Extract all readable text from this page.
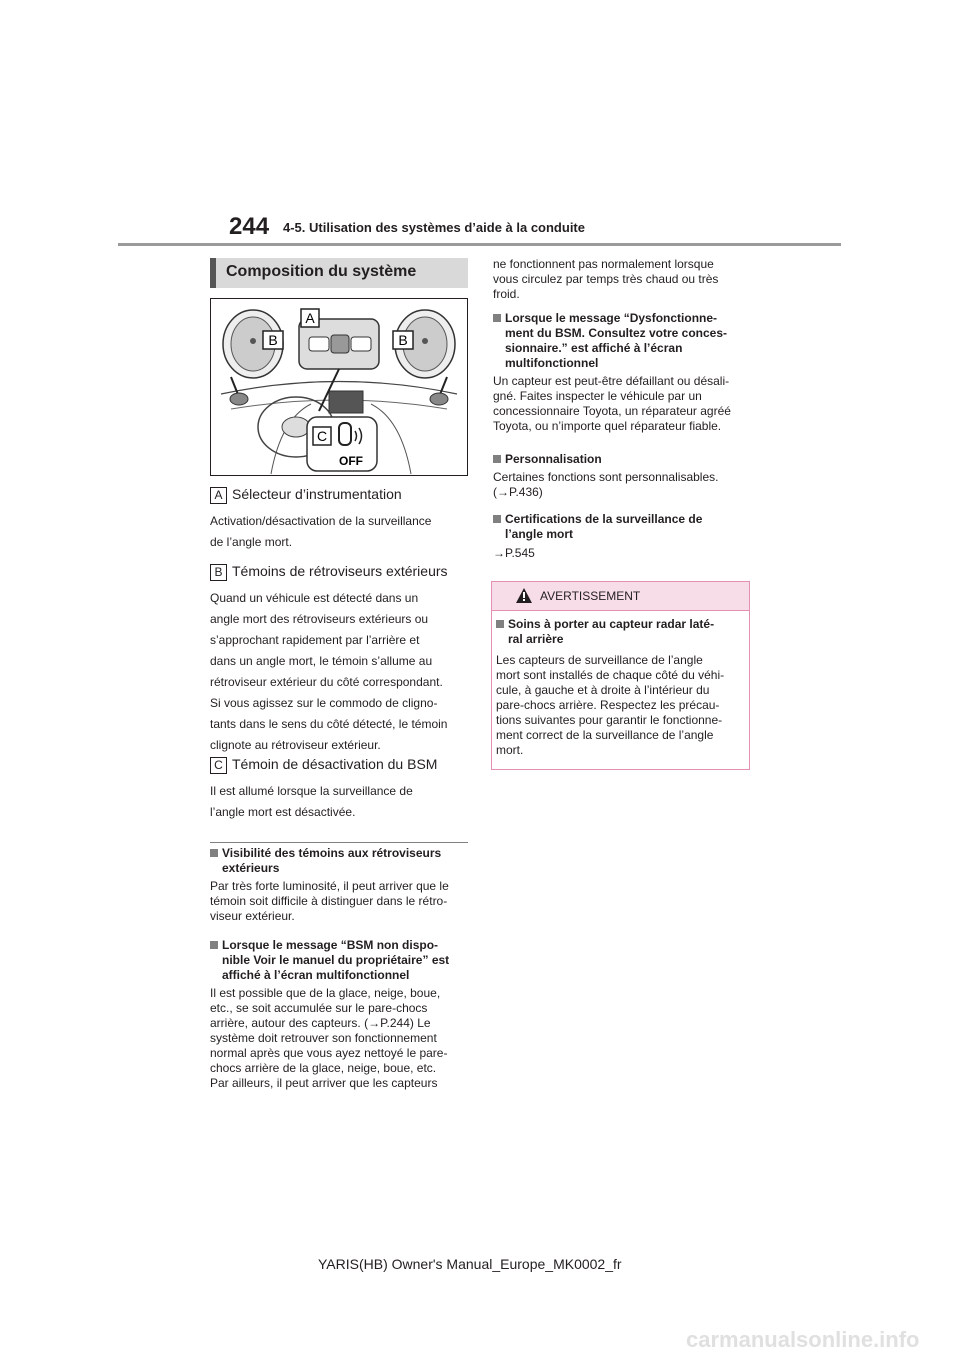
244 4-5. Utilisation des systèmes d’aide à la conduite
Composition du système
A
B	B
C
OFF
A Sélecteur d’instrumentation

Activation/désactivation de la surveillance

de l’angle mort.

B Témoins de rétroviseurs extérieurs

Quand un véhicule est détecté dans un

angle mort des rétroviseurs extérieurs ou

s’approchant rapidement par l’arrière et

dans un angle mort, le témoin s’allume au

rétroviseur extérieur du côté correspondant.

Si vous agissez sur le commodo de cligno-

tants dans le sens du côté détecté, le témoin

clignote au rétroviseur extérieur.

C Témoin de désactivation du BSM

Il est allumé lorsque la surveillance de

l’angle mort est désactivée.

Visibilité des témoins aux rétroviseurs

extérieurs

Par très forte luminosité, il peut arriver que le

témoin soit difficile à distinguer dans le rétro-

viseur extérieur.

Lorsque le message “BSM non dispo-

nible Voir le manuel du propriétaire” est

affiché à l’écran multifonctionnel

Il est possible que de la glace, neige, boue,

etc., se soit accumulée sur le pare-chocs

arrière, autour des capteurs. (→P.244) Le

système doit retrouver son fonctionnement

normal après que vous ayez nettoyé le pare-

chocs arrière de la glace, neige, boue, etc.

Par ailleurs, il peut arriver que les capteurs

ne fonctionnent pas normalement lorsque

vous circulez par temps très chaud ou très

froid.

Lorsque le message “Dysfonctionne-

ment du BSM. Consultez votre conces-

sionnaire.” est affiché à l’écran

multifonctionnel

Un capteur est peut-être défaillant ou désali-

gné. Faites inspecter le véhicule par un

concessionnaire Toyota, un réparateur agréé

Toyota, ou n’importe quel réparateur fiable.

Personnalisation

Certaines fonctions sont personnalisables.

(→P.436)

Certifications de la surveillance de

l’angle mort

→P.545

AVERTISSEMENT

Soins à porter au capteur radar laté-

ral arrière

Les capteurs de surveillance de l’angle

mort sont installés de chaque côté du véhi-

cule, à gauche et à droite à l’intérieur du

pare-chocs arrière. Respectez les précau-

tions suivantes pour garantir le fonctionne-

ment correct de la surveillance de l’angle

mort.

YARIS(HB) Owner's Manual_Europe_MK0002_fr
carmanualsonline.info
